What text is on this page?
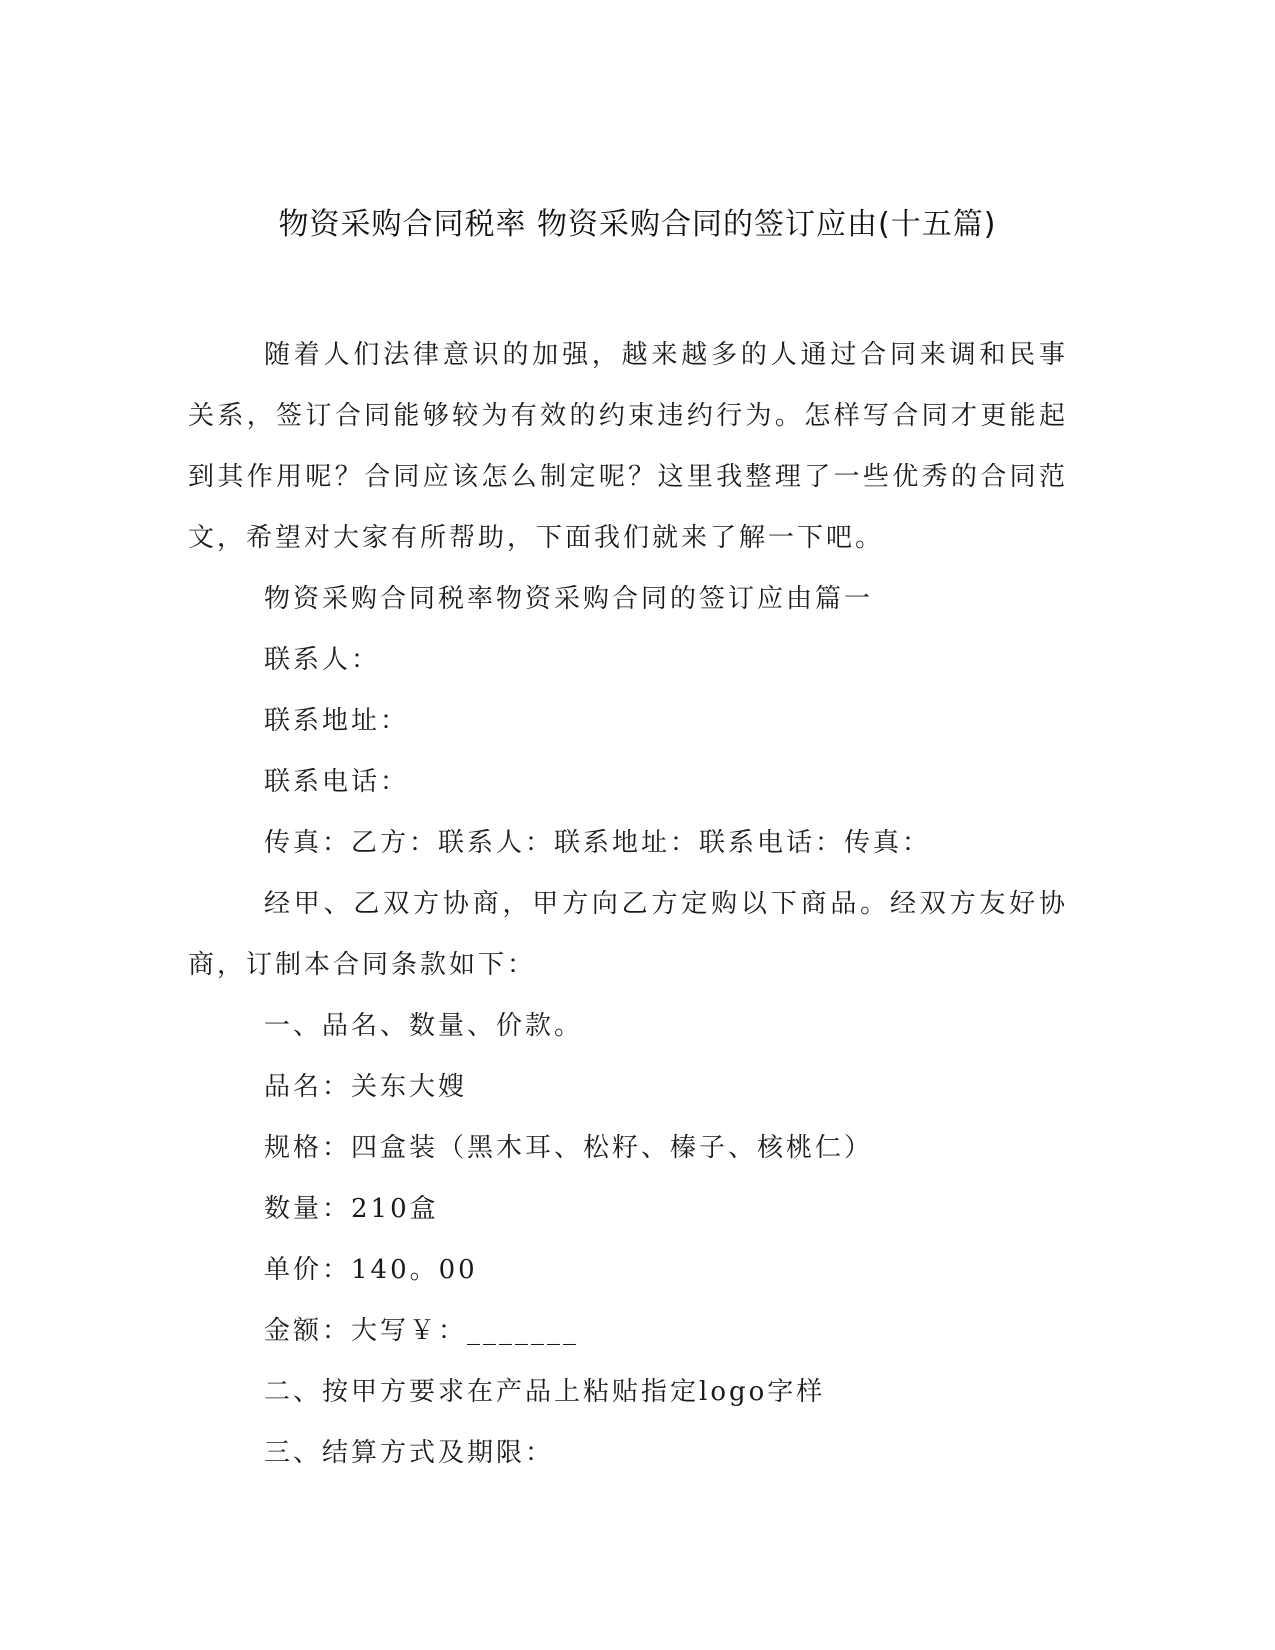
物资采购合同税率 物资采购合同的签订应由(十五篇)

随着人们法律意识的加强，越来越多的人通过合同来调和民事关系，签订合同能够较为有效的约束违约行为。怎样写合同才更能起到其作用呢？合同应该怎么制定呢？这里我整理了一些优秀的合同范文，希望对大家有所帮助，下面我们就来了解一下吧。

物资采购合同税率物资采购合同的签订应由篇一

联系人：

联系地址：

联系电话：

传真：乙方：联系人：联系地址：联系电话：传真：

经甲、乙双方协商，甲方向乙方定购以下商品。经双方友好协商，订制本合同条款如下：

一、品名、数量、价款。

品名：关东大嫂

规格：四盒装（黑木耳、松籽、榛子、核桃仁）

数量：210盒

单价：140。00

金额：大写￥：_______

二、按甲方要求在产品上粘贴指定logo字样

三、结算方式及期限：
